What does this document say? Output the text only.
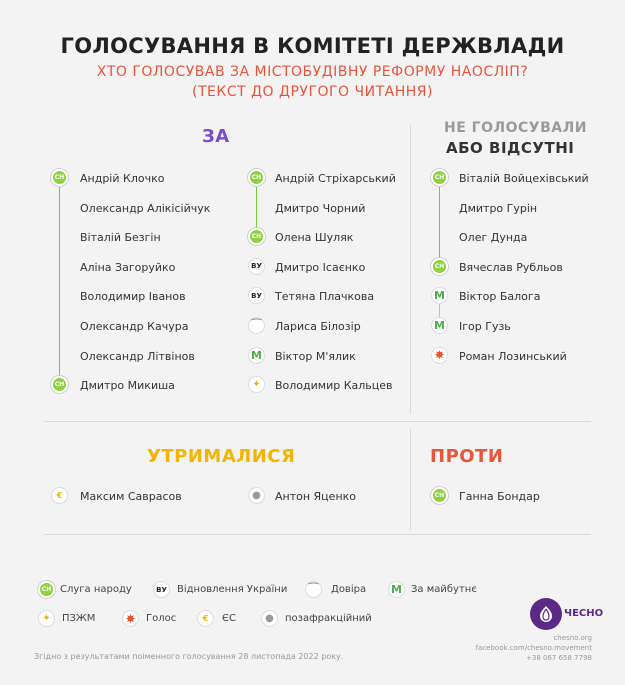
ГОЛОСУВАННЯ В КОМІТЕТІ ДЕРЖВЛАДИ
ХТО ГОЛОСУВАВ ЗА МІСТОБУДІВНУ РЕФОРМУ НАОСЛІП?
(ТЕКСТ ДО ДРУГОГО ЧИТАННЯ)
ЗА	НЕ ГОЛОСУВАЛИ
АБО ВІДСУТНІ
УТРИМАЛИСЯ	ПРОТИ
СН	Андрій Клочко
Олександр Алікісійчук
Віталій Безгін
Аліна Загоруйко
Володимир Іванов
Олександр Качура
Олександр Літвінов
СН	Дмитро Микиша
СН	Андрій Стріхарський
Дмитро Чорний
СН	Олена Шуляк
ВУ Дмитро Ісаєнко
ВУ Тетяна Плачкова
⁀	Лариса Білозір
M Віктор М'ялик
✦	Володимир Кальцев
СН	Віталій Войцехівський
Дмитро Гурін
Олег Дунда
СН	Вячеслав Рубльов
M Віктор Балога
M Ігор Гузь
✸	Роман Лозинський
€	Максим Саврасов	●	Антон Яценко	СН	Ганна Бондар
СН Слуга народу	ВУ	Відновлення України ⁀	Довіра M За майбутнє
✦	ПЗЖМ	✸	Голос	€	ЄС	●	позафракційний	ЧЕСНО
chesno.org
facebook.com/chesno.movement
+38 067 658 7798
Згідно з результатами поіменного голосування 28 листопада 2022 року.
